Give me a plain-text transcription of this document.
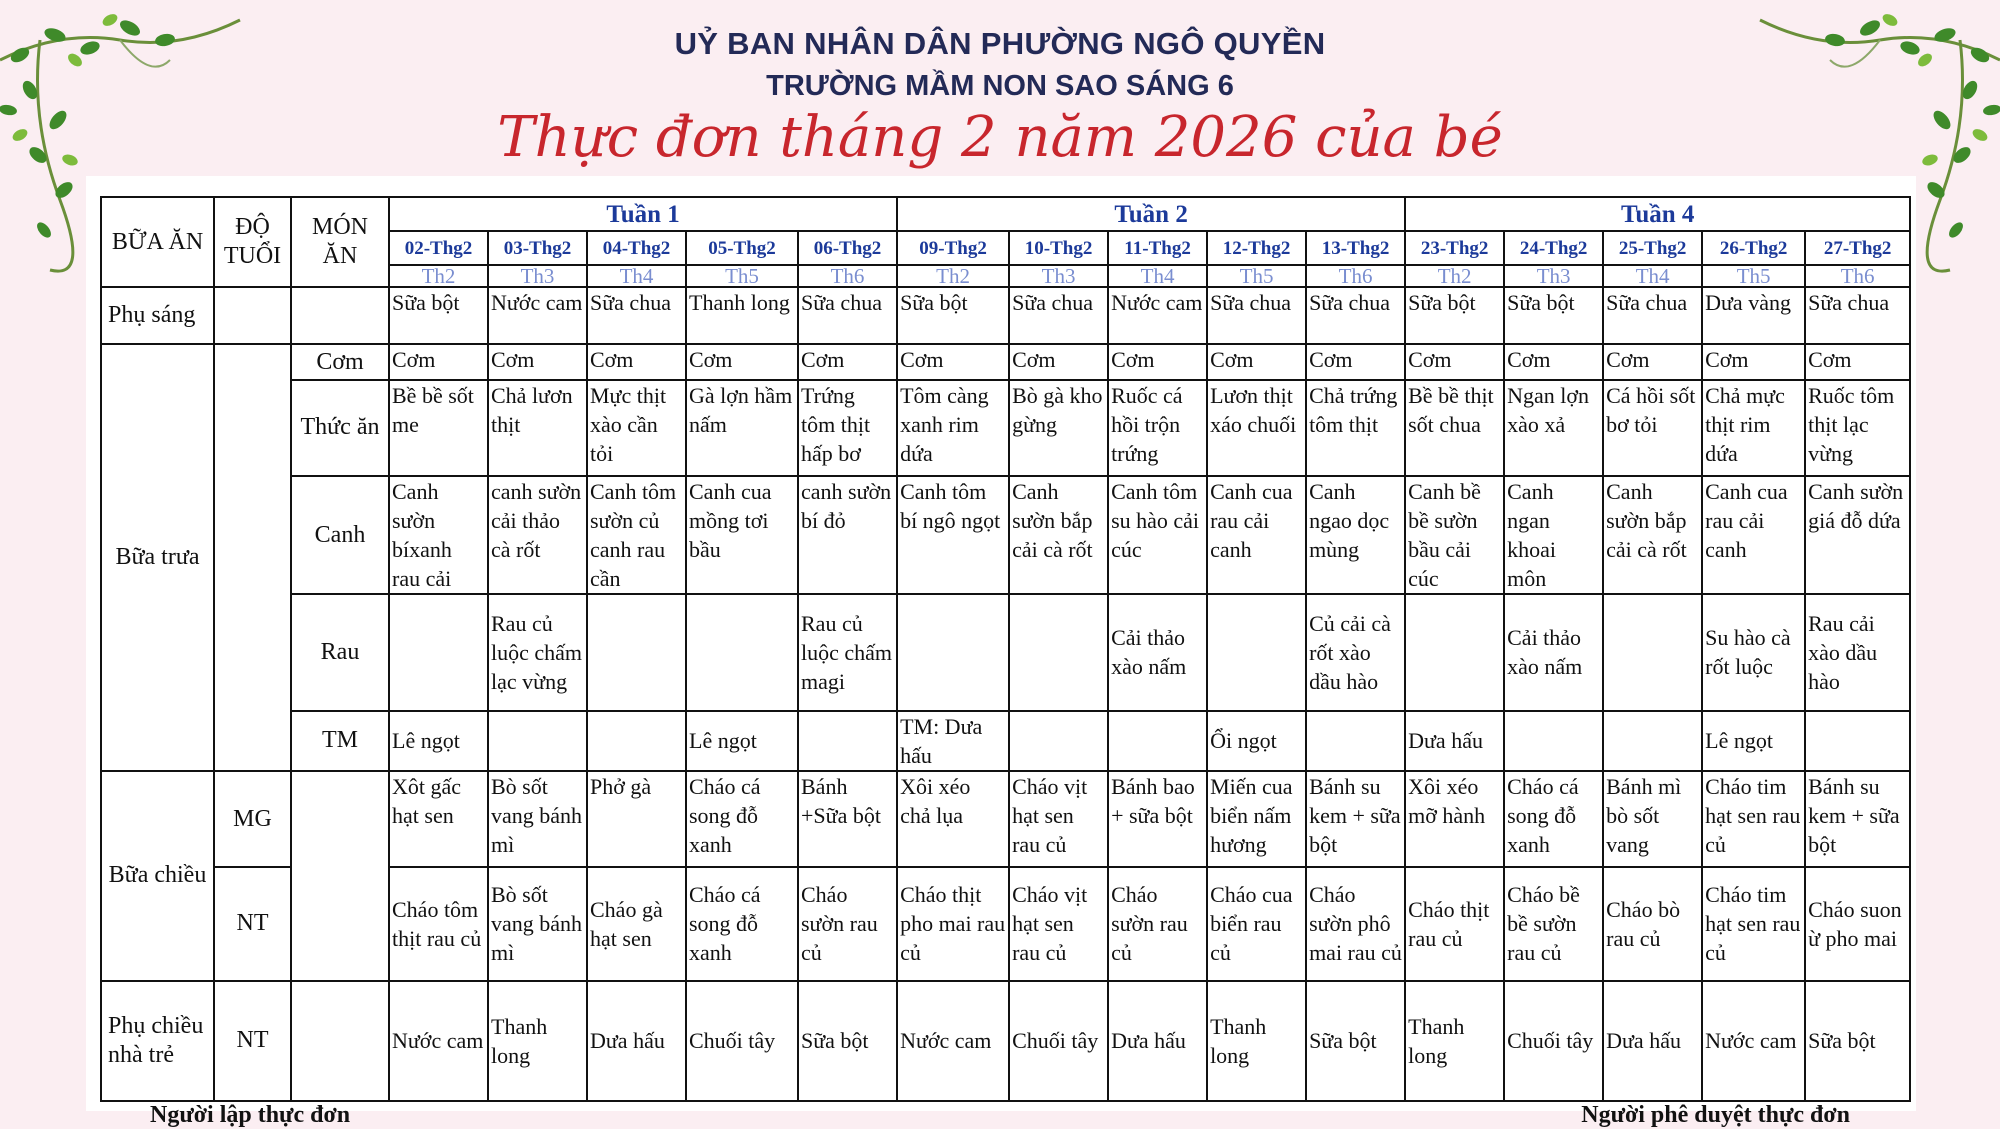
UỶ BAN NHÂN DÂN PHƯỜNG NGÔ QUYỀN
TRƯỜNG MẦM NON SAO SÁNG 6
Thực đơn tháng 2 năm 2026 của bé
BỮA ĂN	ĐỘ TUỔI	MÓN ĂN	Tuần 1					Tuần 2					Tuần 4				
			02-Thg2	03-Thg2	04-Thg2	05-Thg2	06-Thg2	09-Thg2	10-Thg2	11-Thg2	12-Thg2	13-Thg2	23-Thg2	24-Thg2	25-Thg2	26-Thg2	27-Thg2
			Th2	Th3	Th4	Th5	Th6	Th2	Th3	Th4	Th5	Th6	Th2	Th3	Th4	Th5	Th6
Phụ sáng			Sữa bột	Nước cam	Sữa chua	Thanh long	Sữa chua	Sữa bột	Sữa chua	Nước cam	Sữa chua	Sữa chua	Sữa bột	Sữa bột	Sữa chua	Dưa vàng	Sữa chua
Bữa trưa		Cơm	Cơm	Cơm	Cơm	Cơm	Cơm	Cơm	Cơm	Cơm	Cơm	Cơm	Cơm	Cơm	Cơm	Cơm	Cơm
		Thức ăn	Bề bề sốt me	Chả lươn thịt	Mực thịt xào cần tỏi	Gà lợn hầm nấm	Trứng tôm thịt hấp bơ	Tôm càng xanh rim dứa	Bò gà kho gừng	Ruốc cá hồi trộn trứng	Lươn thịt xáo chuối	Chả trứng tôm thịt	Bề bề thịt sốt chua	Ngan lợn xào xả	Cá hồi sốt bơ tỏi	Chả mực thịt rim dứa	Ruốc tôm thịt lạc vừng
		Canh	Canh sườn bíxanh rau cải	canh sườn cải thảo cà rốt	Canh tôm sườn củ canh rau cần	Canh cua mồng tơi bầu	canh sườn bí đỏ	Canh tôm bí ngô ngọt	Canh sườn bắp cải cà rốt	Canh tôm su hào cải cúc	Canh cua rau cải canh	Canh ngao dọc mùng	Canh bề bề sườn bầu cải cúc	Canh ngan khoai môn	Canh sườn bắp cải cà rốt	Canh cua rau cải canh	Canh sườn giá đỗ dứa
		Rau		Rau củ luộc chấm lạc vừng			Rau củ luộc chấm magi			Cải thảo xào nấm		Củ cải cà rốt xào dầu hào		Cải thảo xào nấm		Su hào cà rốt luộc	Rau cải xào dầu hào
		TM	Lê ngọt			Lê ngọt		TM: Dưa hấu			Ổi ngọt		Dưa hấu			Lê ngọt	
Bữa chiều	MG		Xôt gấc hạt sen	Bò sốt vang bánh mì	Phở gà	Cháo cá song đỗ xanh	Bánh +Sữa bột	Xôi xéo chả lụa	Cháo vịt hạt sen rau củ	Bánh bao + sữa bột	Miến cua biển nấm hương	Bánh su kem + sữa bột	Xôi xéo mỡ hành	Cháo cá song đỗ xanh	Bánh mì bò sốt vang	Cháo tim hạt sen rau củ	Bánh su kem + sữa bột
	NT		Cháo tôm thịt rau củ	Bò sốt vang bánh mì	Cháo gà hạt sen	Cháo cá song đỗ xanh	Cháo sườn rau củ	Cháo thịt pho mai rau củ	Cháo vịt hạt sen rau củ	Cháo sườn rau củ	Cháo cua biển rau củ	Cháo sườn phô mai rau củ	Cháo thịt rau củ	Cháo bề bề sườn rau củ	Cháo bò rau củ	Cháo tim hạt sen rau củ	Cháo suon ừ pho mai
Phụ chiều nhà trẻ	NT		Nước cam	Thanh long	Dưa hấu	Chuối tây	Sữa bột	Nước cam	Chuối tây	Dưa hấu	Thanh long	Sữa bột	Thanh long	Chuối tây	Dưa hấu	Nước cam	Sữa bột
Người lập thực đơn	Người phê duyệt thực đơn
